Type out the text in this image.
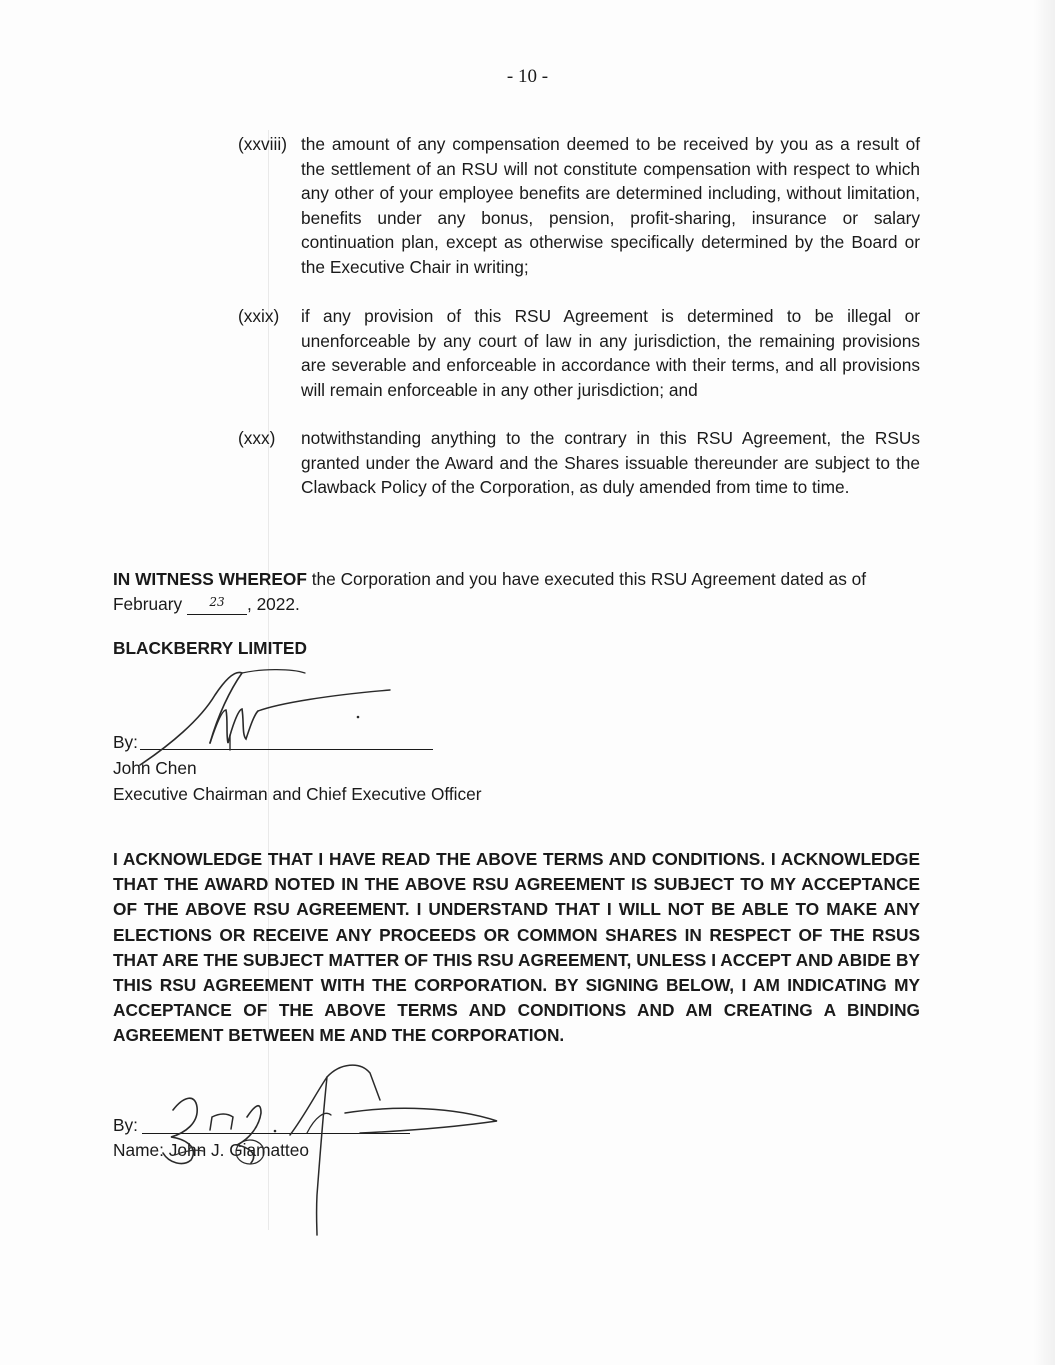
- 10 -
(xxviii) the amount of any compensation deemed to be received by you as a result of the settlement of an RSU will not constitute compensation with respect to which any other of your employee benefits are determined including, without limitation, benefits under any bonus, pension, profit-sharing, insurance or salary continuation plan, except as otherwise specifically determined by the Board or the Executive Chair in writing;
(xxix) if any provision of this RSU Agreement is determined to be illegal or unenforceable by any court of law in any jurisdiction, the remaining provisions are severable and enforceable in accordance with their terms, and all provisions will remain enforceable in any other jurisdiction; and
(xxx) notwithstanding anything to the contrary in this RSU Agreement, the RSUs granted under the Award and the Shares issuable thereunder are subject to the Clawback Policy of the Corporation, as duly amended from time to time.
IN WITNESS WHEREOF the Corporation and you have executed this RSU Agreement dated as of
February $^{23}$ , 2022.
BLACKBERRY LIMITED
By:
John Chen
Executive Chairman and Chief Executive Officer
I ACKNOWLEDGE THAT I HAVE READ THE ABOVE TERMS AND CONDITIONS. I ACKNOWLEDGE THAT THE AWARD NOTED IN THE ABOVE RSU AGREEMENT IS SUBJECT TO MY ACCEPTANCE OF THE ABOVE RSU AGREEMENT. I UNDERSTAND THAT I WILL NOT BE ABLE TO MAKE ANY ELECTIONS OR RECEIVE ANY PROCEEDS OR COMMON SHARES IN RESPECT OF THE RSUS THAT ARE THE SUBJECT MATTER OF THIS RSU AGREEMENT, UNLESS I ACCEPT AND ABIDE BY THIS RSU AGREEMENT WITH THE CORPORATION. BY SIGNING BELOW, I AM INDICATING MY ACCEPTANCE OF THE ABOVE TERMS AND CONDITIONS AND AM CREATING A BINDING AGREEMENT BETWEEN ME AND THE CORPORATION.
By:
Name: John J. Giamatteo
